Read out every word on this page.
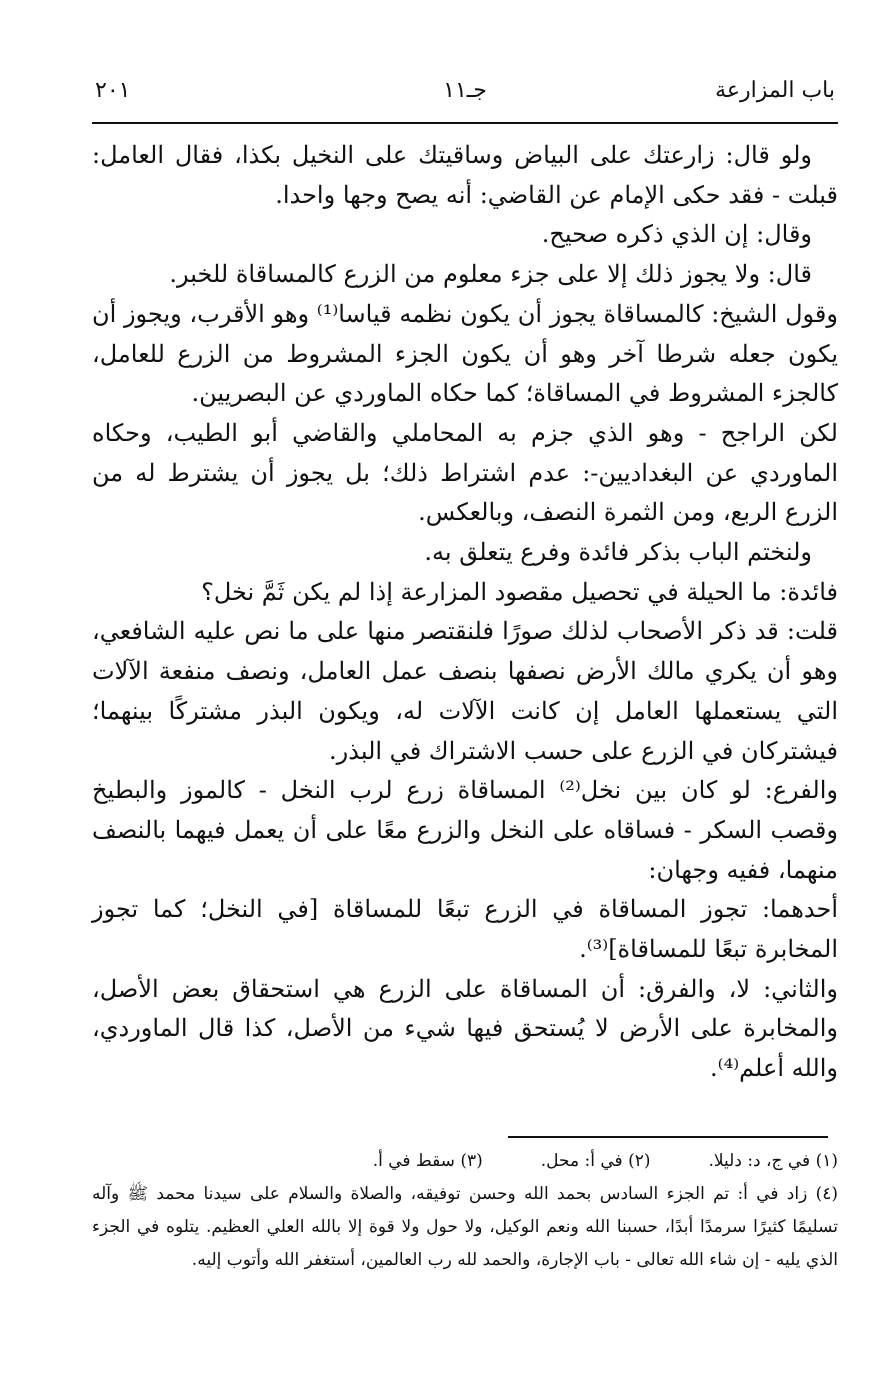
باب المزارعة
جـ١١
٢٠١

ولو قال: زارعتك على البياض وساقيتك على النخيل بكذا، فقال العامل: قبلت - فقد حكى الإمام عن القاضي: أنه يصح وجها واحدا.

وقال: إن الذي ذكره صحيح.

قال: ولا يجوز ذلك إلا على جزء معلوم من الزرع كالمساقاة للخبر.

وقول الشيخ: كالمساقاة يجوز أن يكون نظمه قياسا⁽¹⁾ وهو الأقرب، ويجوز أن يكون جعله شرطا آخر وهو أن يكون الجزء المشروط من الزرع للعامل، كالجزء المشروط في المساقاة؛ كما حكاه الماوردي عن البصريين.

لكن الراجح - وهو الذي جزم به المحاملي والقاضي أبو الطيب، وحكاه الماوردي عن البغداديين-: عدم اشتراط ذلك؛ بل يجوز أن يشترط له من الزرع الربع، ومن الثمرة النصف، وبالعكس.

ولنختم الباب بذكر فائدة وفرع يتعلق به.

فائدة: ما الحيلة في تحصيل مقصود المزارعة إذا لم يكن ثَمَّ نخل؟

قلت: قد ذكر الأصحاب لذلك صورًا فلنقتصر منها على ما نص عليه الشافعي، وهو أن يكري مالك الأرض نصفها بنصف عمل العامل، ونصف منفعة الآلات التي يستعملها العامل إن كانت الآلات له، ويكون البذر مشتركًا بينهما؛ فيشتركان في الزرع على حسب الاشتراك في البذر.

والفرع: لو كان بين نخل⁽²⁾ المساقاة زرع لرب النخل - كالموز والبطيخ وقصب السكر - فساقاه على النخل والزرع معًا على أن يعمل فيهما بالنصف منهما، ففيه وجهان:

أحدهما: تجوز المساقاة في الزرع تبعًا للمساقاة [في النخل؛ كما تجوز المخابرة تبعًا للمساقاة]⁽³⁾.

والثاني: لا، والفرق: أن المساقاة على الزرع هي استحقاق بعض الأصل، والمخابرة على الأرض لا يُستحق فيها شيء من الأصل، كذا قال الماوردي، والله أعلم⁽⁴⁾.

(١) في ج، د: دليلا.
(٢) في أ: محل.
(٣) سقط في أ.

(٤) زاد في أ: تم الجزء السادس بحمد الله وحسن توفيقه، والصلاة والسلام على سيدنا محمد ﷺ وآله تسليمًا كثيرًا سرمدًا أبدًا، حسبنا الله ونعم الوكيل، ولا حول ولا قوة إلا بالله العلي العظيم. يتلوه في الجزء الذي يليه - إن شاء الله تعالى - باب الإجارة، والحمد لله رب العالمين، أستغفر الله وأتوب إليه.
